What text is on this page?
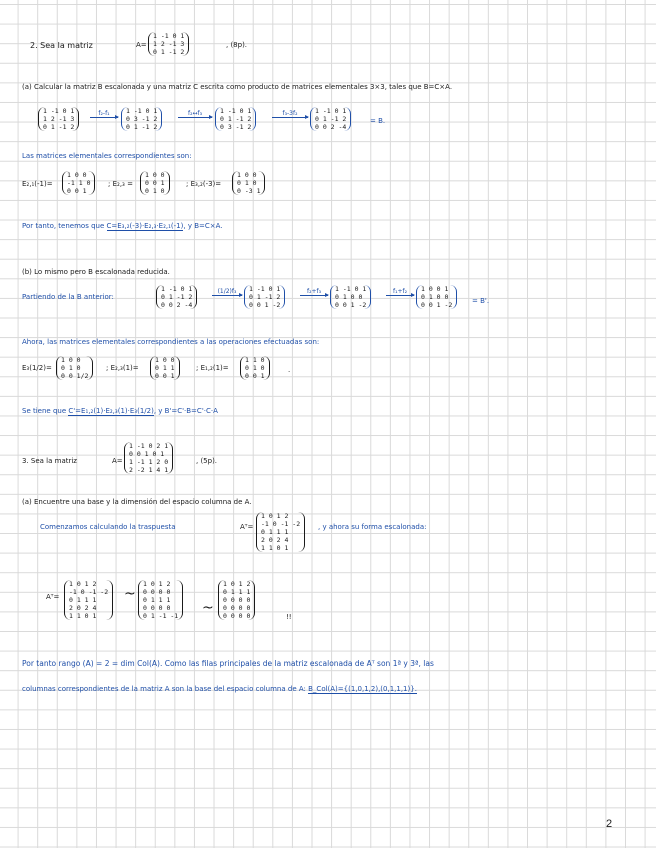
2. Sea la matriz	A=
1 -1 0 1
1 2 -1 3
0 1 -1 2
, (8p).
(a) Calcular la matriz B escalonada y una matriz C escrita como producto de matrices elementales 3×3, tales que B=C×A.
1 -1 0 1
1 2 -1 3
0 1 -1 2
f₂-f₁	1 -1 0 1
0 3 -1 2
0 1 -1 2
f₂↔f₃	1 -1 0 1
0 1 -1 2
0 3 -1 2
f₃-3f₂	1 -1 0 1
0 1 -1 2
0 0 2 -4
= B.
Las matrices elementales correspondientes son:
E₂,₁(-1)=
1 0 0
-1 1 0
0 0 1
; E₂,₃ =
1 0 0
0 0 1
0 1 0
; E₃,₂(-3)=
1 0 0
0 1 0
0 -3 1
Por tanto, tenemos que C=E₃,₂(-3)·E₂,₃·E₂,₁(-1), y B=C×A.
(b) Lo mismo pero B escalonada reducida.
Partiendo de la B anterior:
1 -1 0 1
0 1 -1 2
0 0 2 -4
(1/2)f₃	1 -1 0 1
0 1 -1 2
0 0 1 -2
f₂+f₃	1 -1 0 1
0 1 0 0
0 0 1 -2
f₁+f₂	1 0 0 1
0 1 0 0
0 0 1 -2	= B'.
Ahora, las matrices elementales correspondientes a las operaciones efectuadas son:
E₃(1/2)=
1 0 0
0 1 0
0 0 1/2
; E₂,₃(1)=
1 0 0
0 1 1
0 0 1
; E₁,₂(1)=
1 1 0
0 1 0
0 0 1
.
Se tiene que C'=E₁,₂(1)·E₂,₃(1)·E₃(1/2), y B'=C'·B=C'·C·A
3. Sea la matriz	A=
1 -1 0 2 1
0 0 1 0 1
1 -1 1 2 0
2 -2 1 4 1
, (5p).
(a) Encuentre una base y la dimensión del espacio columna de A.
Comenzamos calculando la traspuesta	Aᵀ=
1 0 1 2
-1 0 -1 -2
0 1 1 1
2 0 2 4
1 1 0 1
, y ahora su forma escalonada:
Aᵀ=
1 0 1 2
-1 0 -1 -2
0 1 1 1
2 0 2 4
1 1 0 1
~
1 0 1 2
0 0 0 0
0 1 1 1
0 0 0 0
0 1 -1 -1 ~
1 0 1 2
0 1 1 1
0 0 0 0
0 0 0 0
0 0 0 0	!!
Por tanto rango (A) = 2 = dim Col(A). Como las filas principales de la matriz escalonada de Aᵀ son 1ª y 3ª, las
columnas correspondientes de la matriz A son la base del espacio columna de A: B_Col(A)={(1,0,1,2),(0,1,1,1)}.
2
